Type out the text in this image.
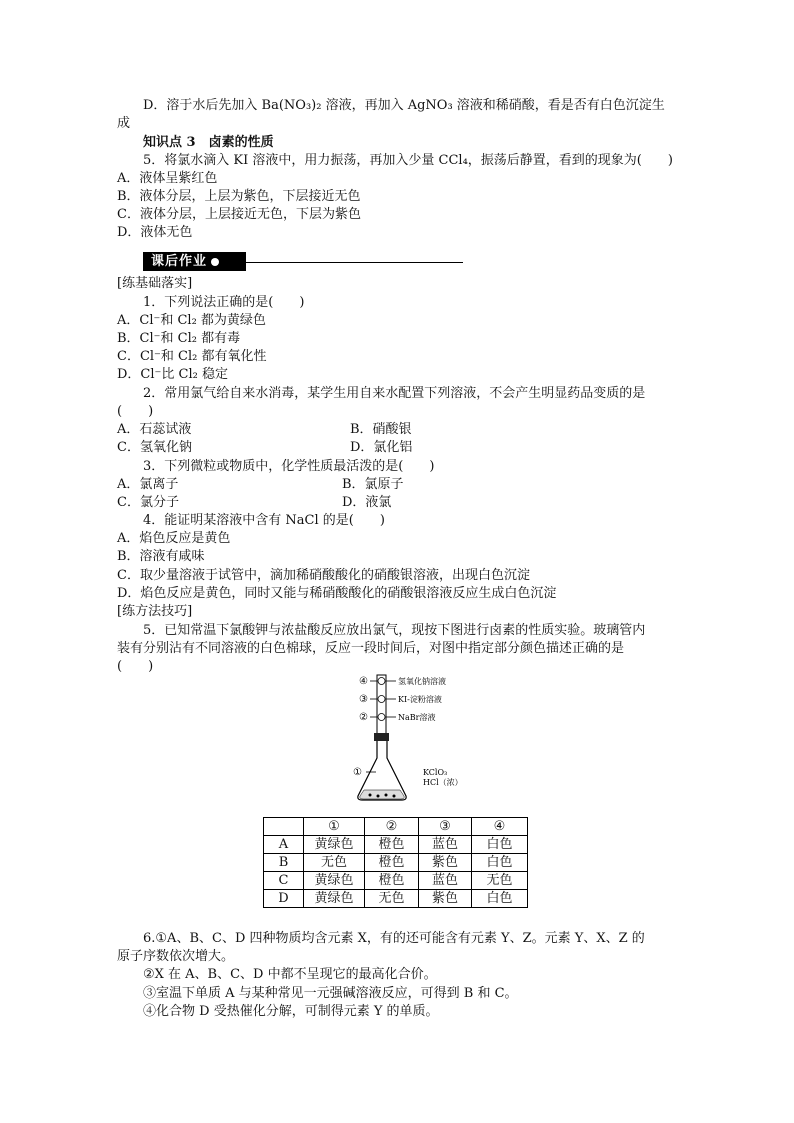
D．溶于水后先加入 Ba(NO₃)₂ 溶液，再加入 AgNO₃ 溶液和稀硝酸，看是否有白色沉淀生
成
知识点 3　卤素的性质
5．将氯水滴入 KI 溶液中，用力振荡，再加入少量 CCl₄，振荡后静置，看到的现象为(　　)
A．液体呈紫红色
B．液体分层，上层为紫色，下层接近无色
C．液体分层，上层接近无色，下层为紫色
D．液体无色
课后作业
[练基础落实]
1．下列说法正确的是(　　)
A．Cl⁻和 Cl₂ 都为黄绿色
B．Cl⁻和 Cl₂ 都有毒
C．Cl⁻和 Cl₂ 都有氧化性
D．Cl⁻比 Cl₂ 稳定
2．常用氯气给自来水消毒，某学生用自来水配置下列溶液，不会产生明显药品变质的是
(　　)
A．石蕊试液	B．硝酸银
C．氢氧化钠	D．氯化铝
3．下列微粒或物质中，化学性质最活泼的是(　　)
A．氯离子	B．氯原子
C．氯分子	D．液氯
4．能证明某溶液中含有 NaCl 的是(　　)
A．焰色反应是黄色
B．溶液有咸味
C．取少量溶液于试管中，滴加稀硝酸酸化的硝酸银溶液，出现白色沉淀
D．焰色反应是黄色，同时又能与稀硝酸酸化的硝酸银溶液反应生成白色沉淀
[练方法技巧]
5．已知常温下氯酸钾与浓盐酸反应放出氯气，现按下图进行卤素的性质实验。玻璃管内
装有分别沾有不同溶液的白色棉球，反应一段时间后，对图中指定部分颜色描述正确的是
(　　)
④
③
②
①
氢氧化钠溶液
KI-淀粉溶液
NaBr溶液
KClO₃
HCl（浓）
	①	②	③	④
A	黄绿色	橙色	蓝色	白色
B	无色	橙色	紫色	白色
C	黄绿色	橙色	蓝色	无色
D	黄绿色	无色	紫色	白色
6.①A、B、C、D 四种物质均含元素 X，有的还可能含有元素 Y、Z。元素 Y、X、Z 的
原子序数依次增大。
②X 在 A、B、C、D 中都不呈现它的最高化合价。
③室温下单质 A 与某种常见一元强碱溶液反应，可得到 B 和 C。
④化合物 D 受热催化分解，可制得元素 Y 的单质。
